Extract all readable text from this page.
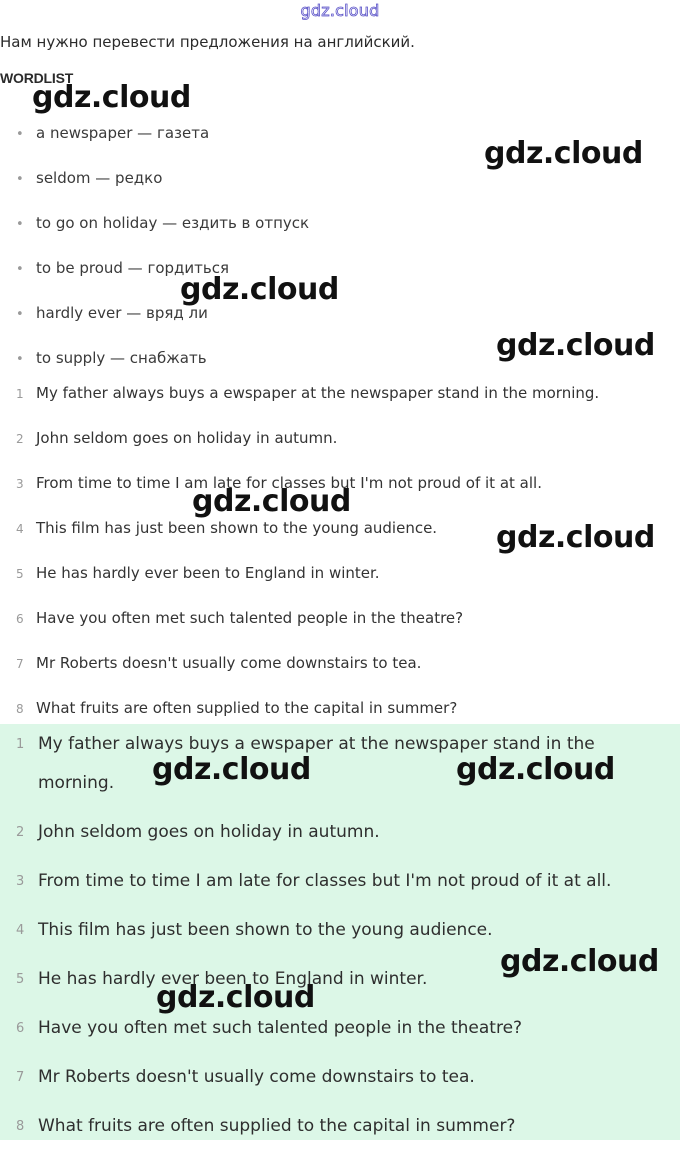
gdz.cloud
Нам нужно перевести предложения на английский.
WORDLIST
• a newspaper — газета
• seldom — редко
• to go on holiday — ездить в отпуск
• to be proud — гордиться
• hardly ever — вряд ли
• to supply — снабжать
1 My father always buys a ewspaper at the newspaper stand in the morning.
2 John seldom goes on holiday in autumn.
3 From time to time I am late for classes but I'm not proud of it at all.
4 This film has just been shown to the young audience.
5 He has hardly ever been to England in winter.
6 Have you often met such talented people in the theatre?
7 Mr Roberts doesn't usually come downstairs to tea.
8 What fruits are often supplied to the capital in summer?
1 My father always buys a ewspaper at the newspaper stand in the morning.
2 John seldom goes on holiday in autumn.
3 From time to time I am late for classes but I'm not proud of it at all.
4 This film has just been shown to the young audience.
5 He has hardly ever been to England in winter.
6 Have you often met such talented people in the theatre?
7 Mr Roberts doesn't usually come downstairs to tea.
8 What fruits are often supplied to the capital in summer?
gdz.cloud
gdz.cloud
gdz.cloud
gdz.cloud
gdz.cloud
gdz.cloud
gdz.cloud	gdz.cloud
gdz.cloud
gdz.cloud
